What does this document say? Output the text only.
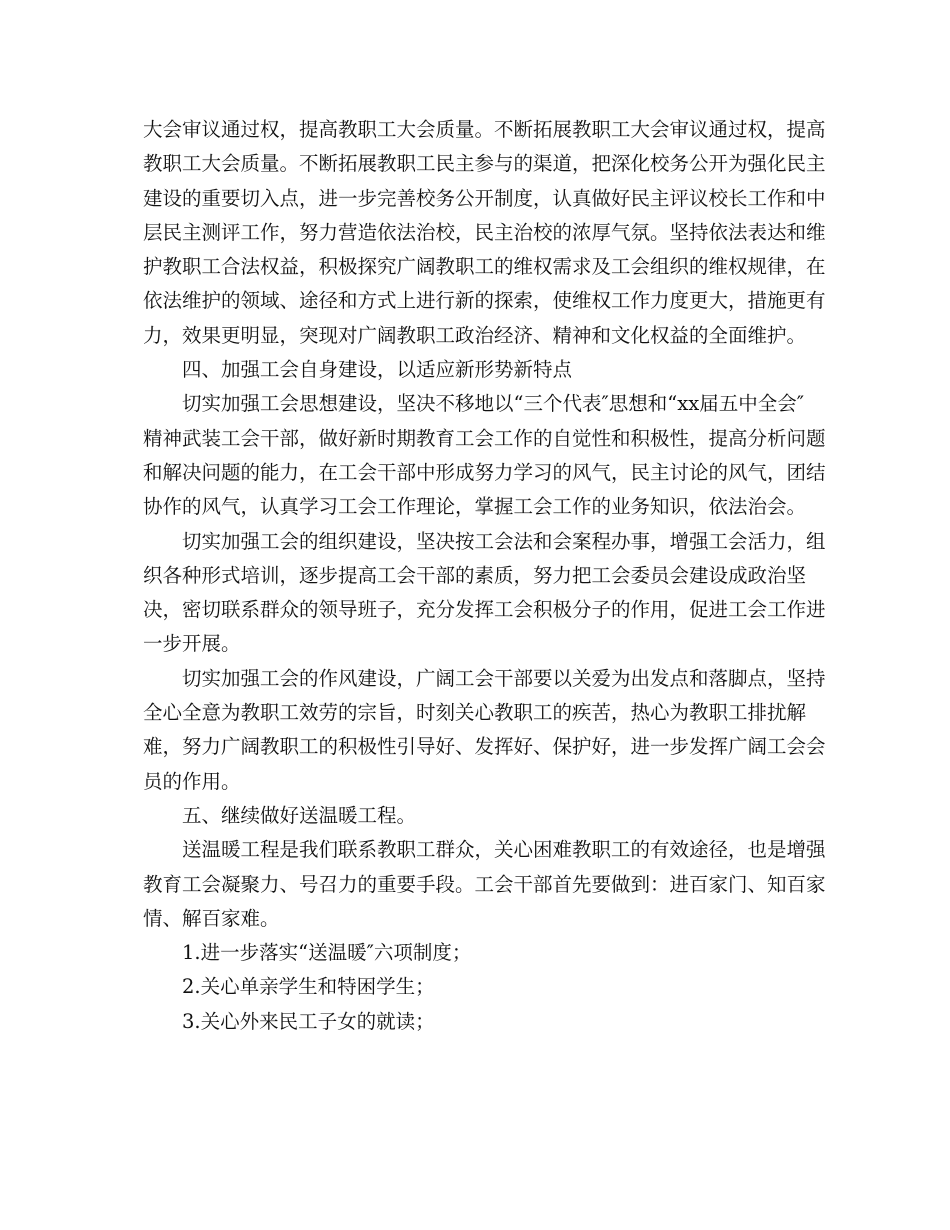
大会审议通过权，提高教职工大会质量。不断拓展教职工大会审议通过权，提高
教职工大会质量。不断拓展教职工民主参与的渠道，把深化校务公开为强化民主
建设的重要切入点，进一步完善校务公开制度，认真做好民主评议校长工作和中
层民主测评工作，努力营造依法治校，民主治校的浓厚气氛。坚持依法表达和维
护教职工合法权益，积极探究广阔教职工的维权需求及工会组织的维权规律，在
依法维护的领域、途径和方式上进行新的探索，使维权工作力度更大，措施更有
力，效果更明显，突现对广阔教职工政治经济、精神和文化权益的全面维护。
四、加强工会自身建设，以适应新形势新特点
切实加强工会思想建设，坚决不移地以“三个代表″思想和“xx届五中全会″
精神武装工会干部，做好新时期教育工会工作的自觉性和积极性，提高分析问题
和解决问题的能力，在工会干部中形成努力学习的风气，民主讨论的风气，团结
协作的风气，认真学习工会工作理论，掌握工会工作的业务知识，依法治会。
切实加强工会的组织建设，坚决按工会法和会案程办事，增强工会活力，组
织各种形式培训，逐步提高工会干部的素质，努力把工会委员会建设成政治坚
决，密切联系群众的领导班子，充分发挥工会积极分子的作用，促进工会工作进
一步开展。
切实加强工会的作风建设，广阔工会干部要以关爱为出发点和落脚点，坚持
全心全意为教职工效劳的宗旨，时刻关心教职工的疾苦，热心为教职工排扰解
难，努力广阔教职工的积极性引导好、发挥好、保护好，进一步发挥广阔工会会
员的作用。
五、继续做好送温暖工程。
送温暖工程是我们联系教职工群众，关心困难教职工的有效途径，也是增强
教育工会凝聚力、号召力的重要手段。工会干部首先要做到：进百家门、知百家
情、解百家难。
1.进一步落实“送温暖″六项制度；
2.关心单亲学生和特困学生；
3.关心外来民工子女的就读；
